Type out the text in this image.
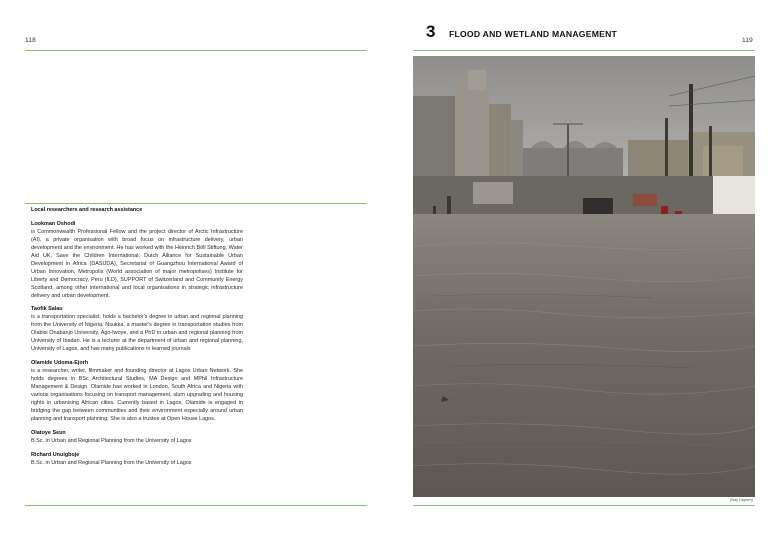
118
Local researchers and research assistance
Lookman Oshodi
is Commonwealth Professional Fellow and the project director of Arctic Infrastructure (AI), a private organisation with broad focus on infrastructure delivery, urban development and the environment. He has worked with the Heinrich Böll Stiftung, Water Aid UK, Save the Children International, Dutch Alliance for Sustainable Urban Development in Africa (DASUDA), Secretariat of Guangzhou International Award of Urban Innovation, Metropolis (World association of major metropolises) Institute for Liberty and Democracy, Peru (ILD), SUPPORT of Switzerland and Community Energy Scotland, among other international and local organisations in strategic infrastructure delivery and urban development.
Taofik Salau
is a transportation specialist, holds a bachelor's degree in urban and regional planning from the University of Nigeria, Nsukka, a master's degree in transportation studies from Olabisi Onabanjo University, Ago-Iwoye, and a PhD in urban and regional planning from University of Ibadan. He is a lecturer at the department of urban and regional planning, University of Lagos, and has many publications in learned journals
Olamide Udoma-Ejorh
is a researcher, writer, filmmaker and founding director at Lagos Urban Network. She holds degrees in BSc Architectural Studies, MA Design and MPhil Infrastructure Management & Design. Olamide has worked in London, South Africa and Nigeria with various organisations focusing on transport management, slum upgrading and housing rights in urbanising African cities. Currently based in Lagos, Olamide is engaged in bridging the gap between communities and their environment especially around urban planning and transport planning. She is also a trustee at Open House Lagos.
Olatoye Seun
B.Sc. in Urban and Regional Planning from the University of Lagos
Richard Unuigboje
B.Sc. in Urban and Regional Planning from the University of Lagos
3 FLOOD AND WETLAND MANAGEMENT
119
(Naji Fagbeh)
